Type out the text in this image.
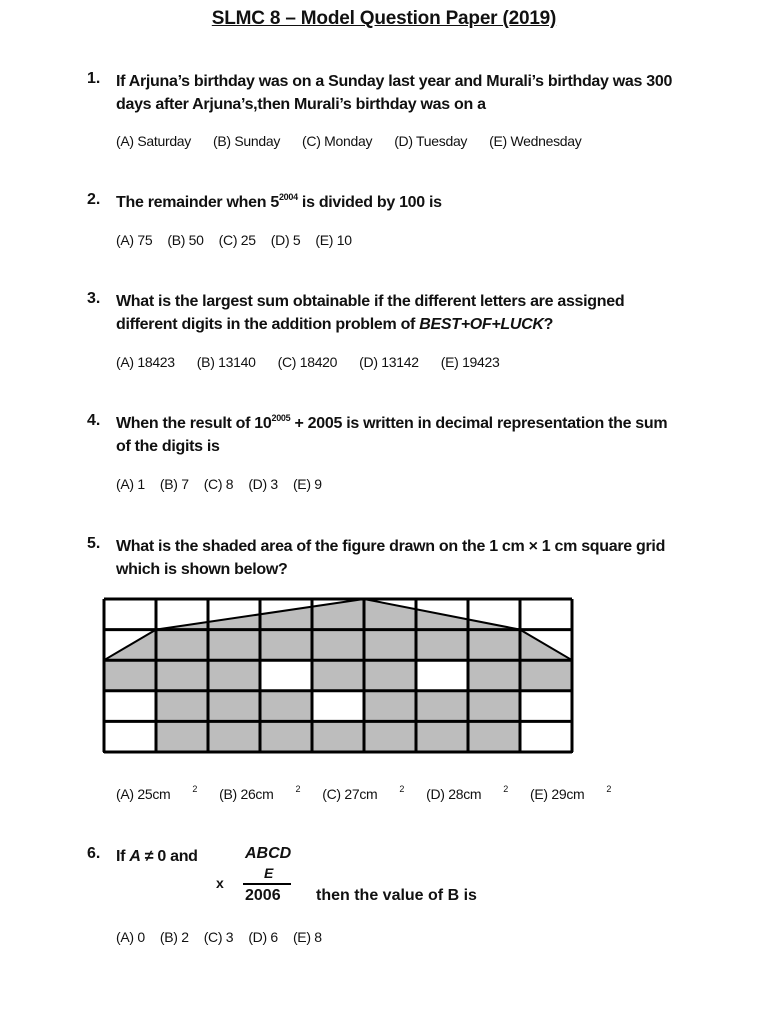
SLMC 8 – Model Question Paper (2019)
1. If Arjuna’s birthday was on a Sunday last year and Murali’s birthday was 300 days after Arjuna’s,then Murali’s birthday was on a
(A) Saturday (B) Sunday (C) Monday (D) Tuesday (E) Wednesday
2. The remainder when $5^{2004}$ is divided by 100 is
(A) 75 (B) 50 (C) 25 (D) 5 (E) 10
3. What is the largest sum obtainable if the different letters are assigned different digits in the addition problem of BEST+OF+LUCK?
(A) 18423 (B) 13140 (C) 18420 (D) 13142 (E) 19423
4. When the result of $10^{2005} + 2005$ is written in decimal representation the sum of the digits is
(A) 1 (B) 7 (C) 8 (D) 3 (E) 9
5. What is the shaded area of the figure drawn on the 1 cm × 1 cm square grid which is shown below?
(A) 25cm $^2$ (B) 26cm $^2$ (C) 27cm $^2$ (D) 28cm $^2$ (E) 29cm $^2$
6. If A ≠ 0 and	ABCD
x
E
2006 then the value of B is
(A) 0 (B) 2 (C) 3 (D) 6 (E) 8
